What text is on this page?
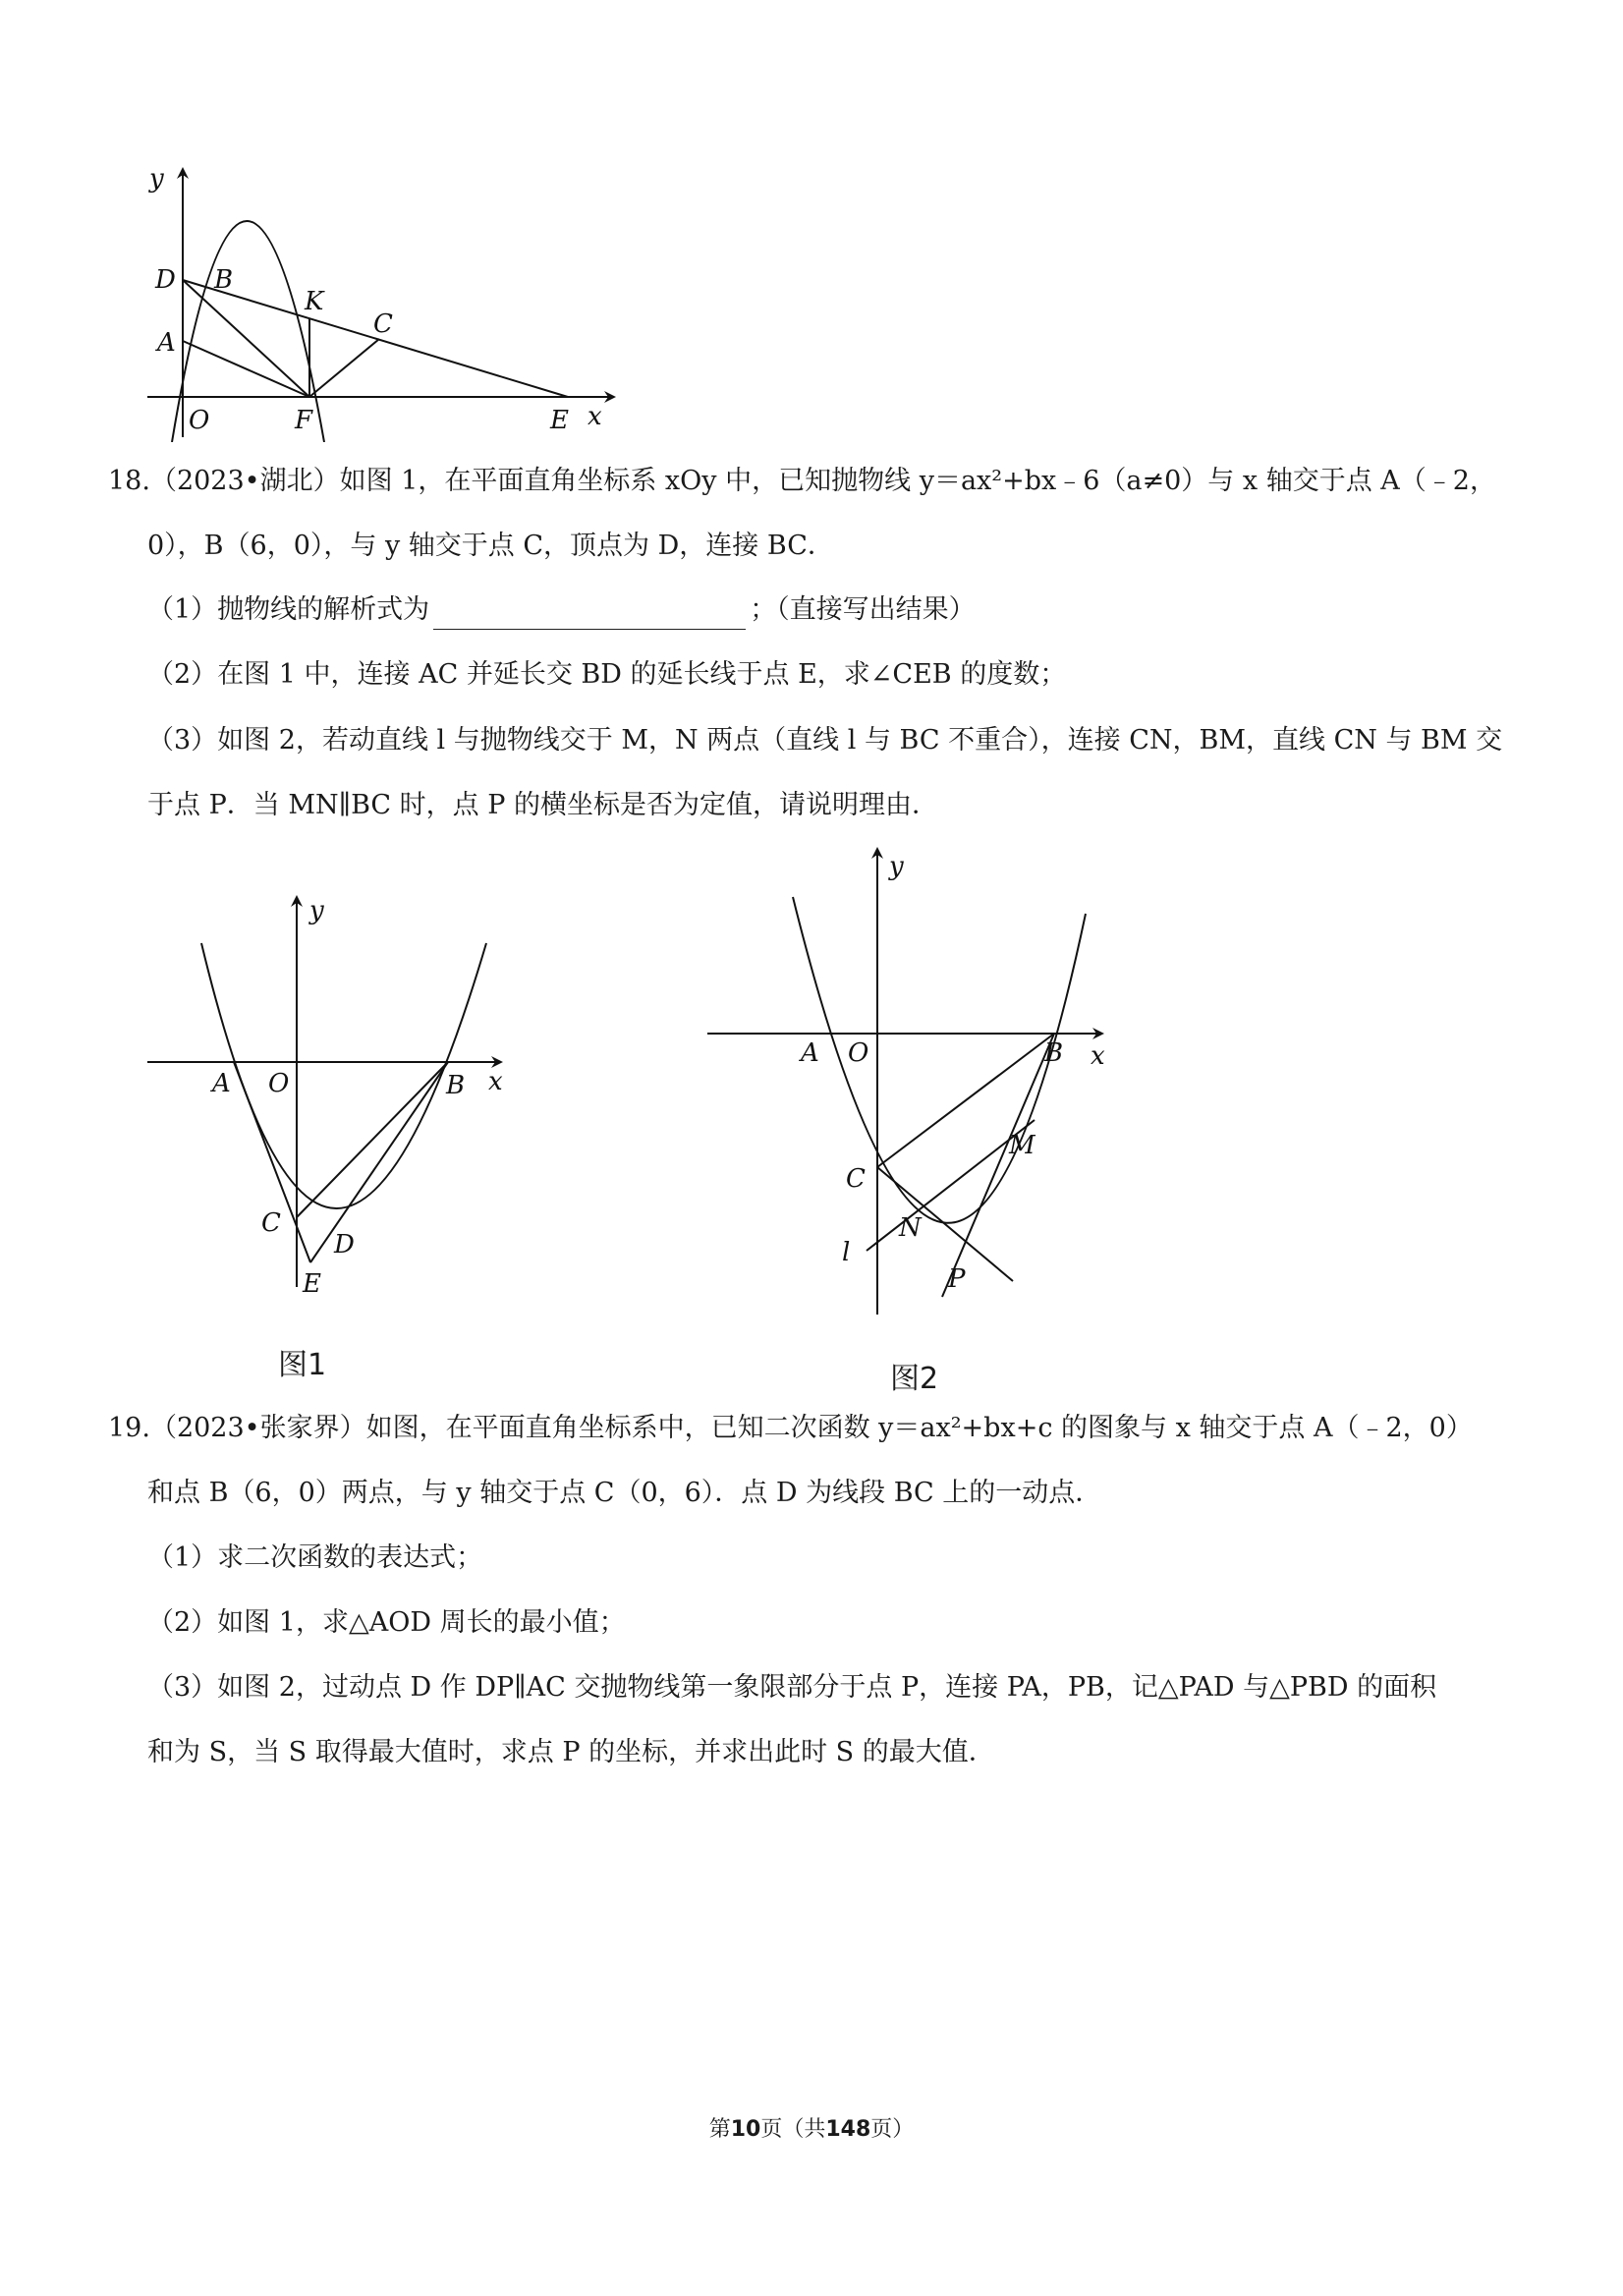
y
x
D B
A
K
C
O	F	E
18.（2023•湖北）如图 1，在平面直角坐标系 xOy 中，已知抛物线 y＝ax²+bx﹣6（a≠0）与 x 轴交于点 A（﹣2，
0），B（6，0），与 y 轴交于点 C，顶点为 D，连接 BC．
（1）抛物线的解析式为	；（直接写出结果）
（2）在图 1 中，连接 AC 并延长交 BD 的延长线于点 E，求∠CEB 的度数；
（3）如图 2，若动直线 l 与抛物线交于 M，N 两点（直线 l 与 BC 不重合），连接 CN，BM，直线 CN 与 BM 交
于点 P．当 MN∥BC 时，点 P 的横坐标是否为定值，请说明理由．
y
x
A O	B
C
D
E
图1
y
x
A O	B
M
C
N
l
P
图2
19.（2023•张家界）如图，在平面直角坐标系中，已知二次函数 y＝ax²+bx+c 的图象与 x 轴交于点 A（﹣2，0）
和点 B（6，0）两点，与 y 轴交于点 C（0，6）．点 D 为线段 BC 上的一动点．
（1）求二次函数的表达式；
（2）如图 1，求△AOD 周长的最小值；
（3）如图 2，过动点 D 作 DP∥AC 交抛物线第一象限部分于点 P，连接 PA，PB，记△PAD 与△PBD 的面积
和为 S，当 S 取得最大值时，求点 P 的坐标，并求出此时 S 的最大值．
第10页（共148页）
